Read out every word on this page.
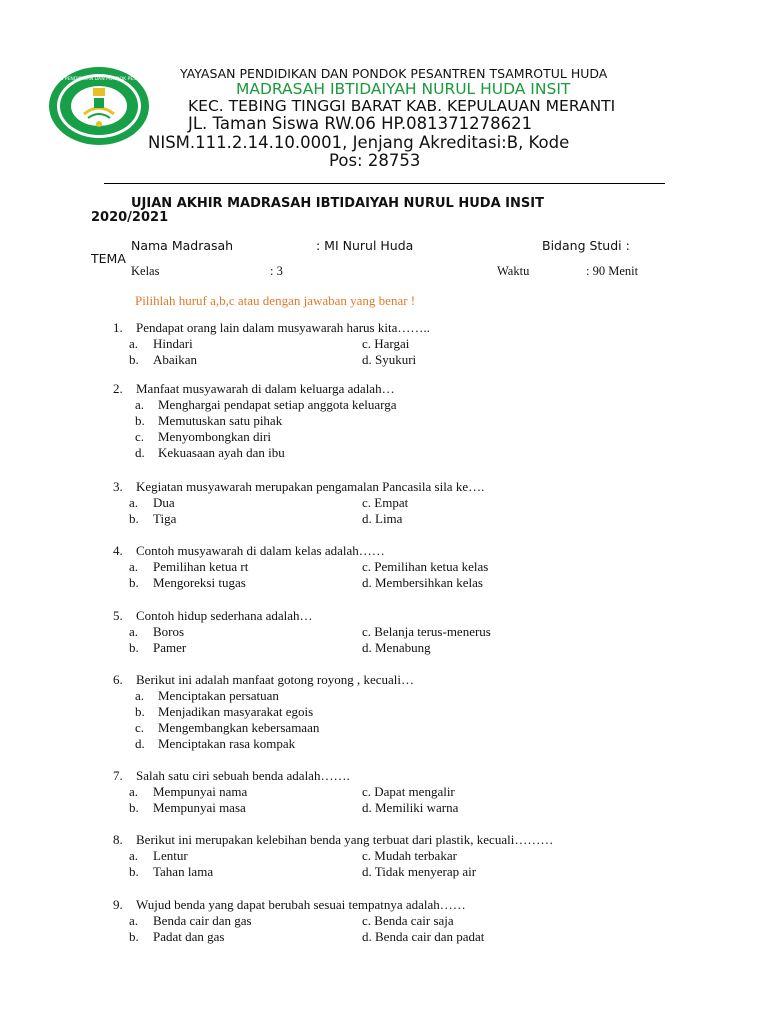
YAYASAN PENDIDIKAN DAN PONDOK PESANTREN YAYASAN PENDIDIKAN DAN PONDOK PESANTREN TSAMROTUL HUDA
MADRASAH IBTIDAIYAH NURUL HUDA INSIT
KEC. TEBING TINGGI BARAT KAB. KEPULAUAN MERANTI
JL. Taman Siswa RW.06 HP.081371278621
NISM.111.2.14.10.0001, Jenjang Akreditasi:B, Kode
Pos: 28753
UJIAN AKHIR MADRASAH IBTIDAIYAH NURUL HUDA INSIT
2020/2021
Nama Madrasah	: MI Nurul Huda	Bidang Studi :
TEMA
Kelas	: 3	Waktu	: 90 Menit
Pilihlah huruf a,b,c atau dengan jawaban yang benar !
1. Pendapat orang lain dalam musyawarah harus kita……..
a. Hindari	c. Hargai
b. Abaikan	d. Syukuri
2. Manfaat musyawarah di dalam keluarga adalah…
a. Menghargai pendapat setiap anggota keluarga
b. Memutuskan satu pihak
c. Menyombongkan diri
d. Kekuasaan ayah dan ibu
3. Kegiatan musyawarah merupakan pengamalan Pancasila sila ke….
a. Dua	c. Empat
b. Tiga	d. Lima
4. Contoh musyawarah di dalam kelas adalah……
a. Pemilihan ketua rt	c. Pemilihan ketua kelas
b. Mengoreksi tugas	d. Membersihkan kelas
5. Contoh hidup sederhana adalah…
a. Boros	c. Belanja terus-menerus
b. Pamer	d. Menabung
6. Berikut ini adalah manfaat gotong royong , kecuali…
a. Menciptakan persatuan
b. Menjadikan masyarakat egois
c. Mengembangkan kebersamaan
d. Menciptakan rasa kompak
7. Salah satu ciri sebuah benda adalah…….
a. Mempunyai nama	c. Dapat mengalir
b. Mempunyai masa	d. Memiliki warna
8. Berikut ini merupakan kelebihan benda yang terbuat dari plastik, kecuali………
a. Lentur	c. Mudah terbakar
b. Tahan lama	d. Tidak menyerap air
9. Wujud benda yang dapat berubah sesuai tempatnya adalah……
a. Benda cair dan gas	c. Benda cair saja
b. Padat dan gas	d. Benda cair dan padat
